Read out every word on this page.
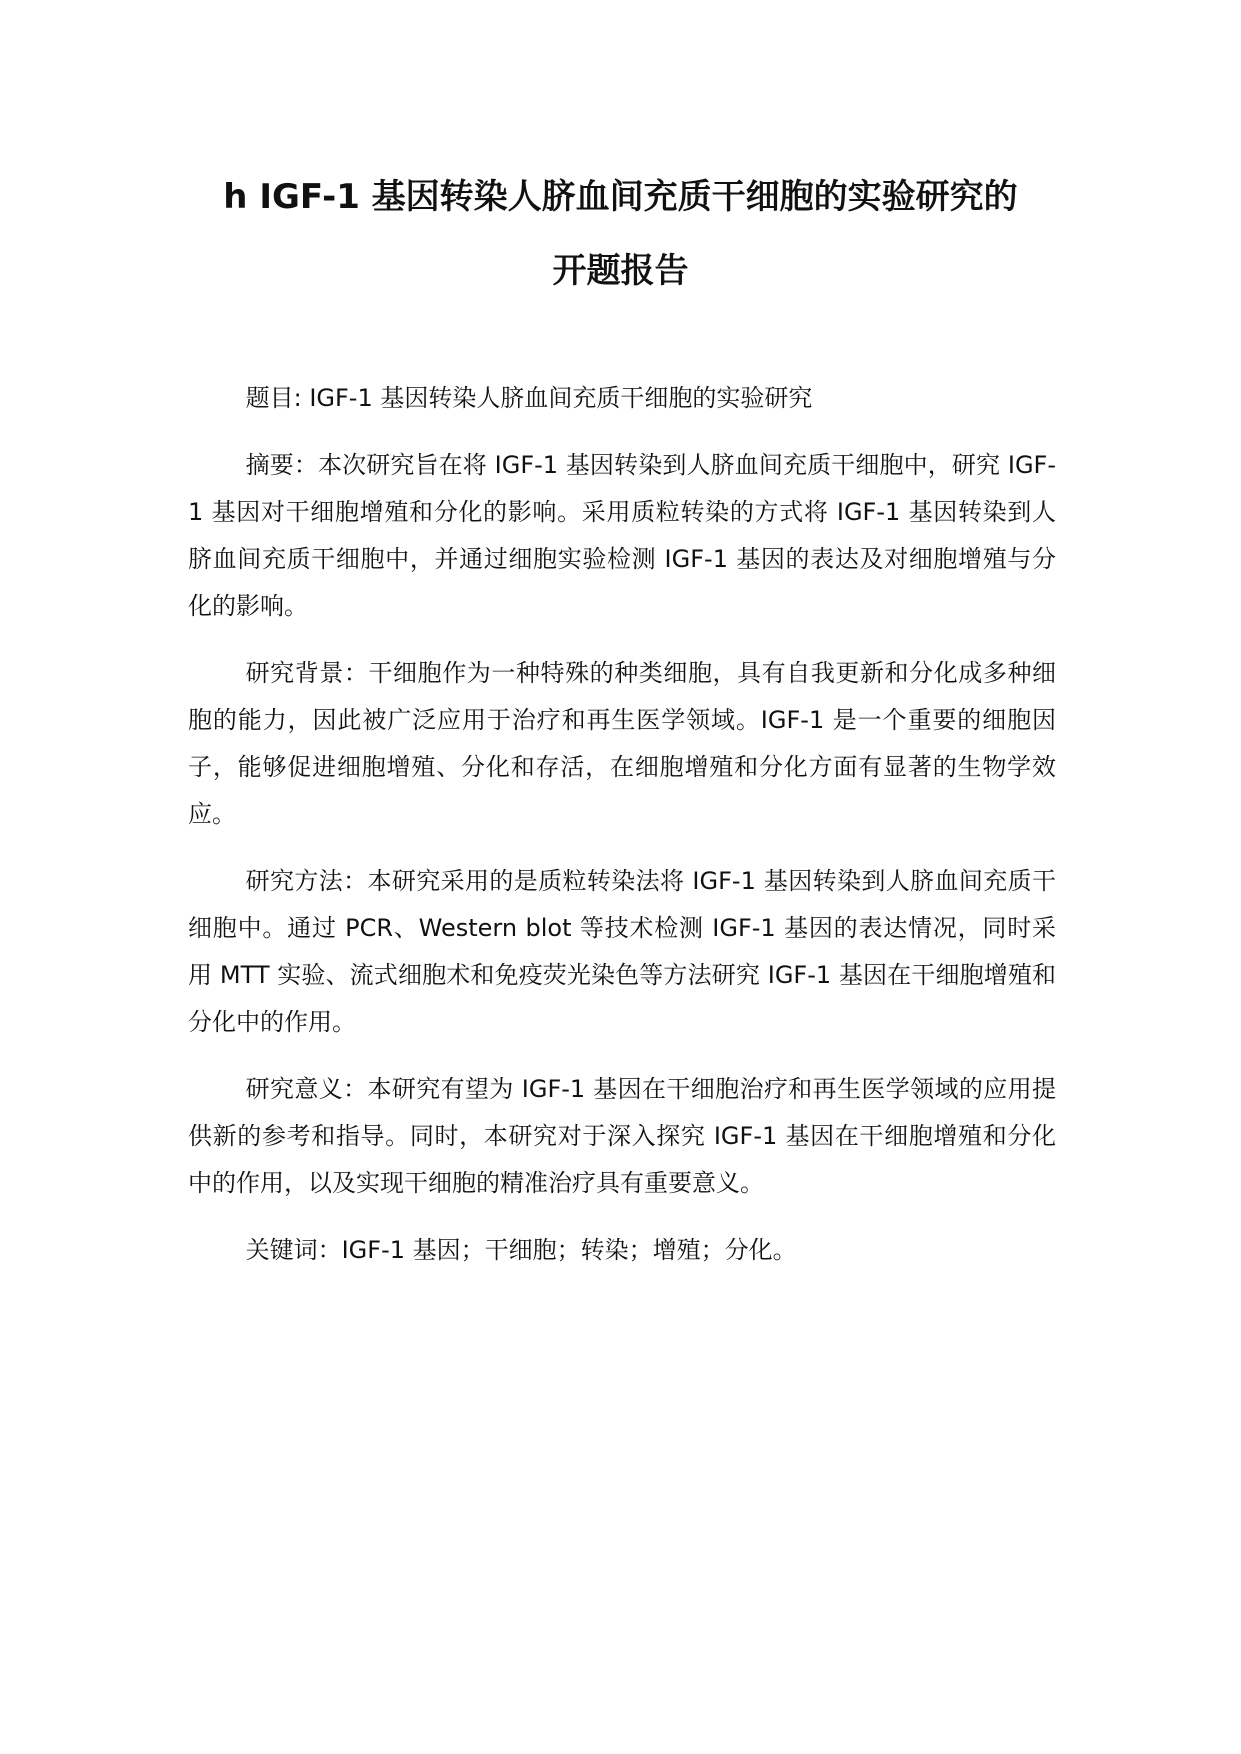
h IGF-1 基因转染人脐血间充质干细胞的实验研究的

开题报告

题目: IGF-1 基因转染人脐血间充质干细胞的实验研究

摘要：本次研究旨在将 IGF-1 基因转染到人脐血间充质干细胞中，研究 IGF-1 基因对干细胞增殖和分化的影响。采用质粒转染的方式将 IGF-1 基因转染到人脐血间充质干细胞中，并通过细胞实验检测 IGF-1 基因的表达及对细胞增殖与分化的影响。

研究背景：干细胞作为一种特殊的种类细胞，具有自我更新和分化成多种细胞的能力，因此被广泛应用于治疗和再生医学领域。IGF-1 是一个重要的细胞因子，能够促进细胞增殖、分化和存活，在细胞增殖和分化方面有显著的生物学效应。

研究方法：本研究采用的是质粒转染法将 IGF-1 基因转染到人脐血间充质干细胞中。通过 PCR、Western blot 等技术检测 IGF-1 基因的表达情况，同时采用 MTT 实验、流式细胞术和免疫荧光染色等方法研究 IGF-1 基因在干细胞增殖和分化中的作用。

研究意义：本研究有望为 IGF-1 基因在干细胞治疗和再生医学领域的应用提供新的参考和指导。同时，本研究对于深入探究 IGF-1 基因在干细胞增殖和分化中的作用，以及实现干细胞的精准治疗具有重要意义。

关键词：IGF-1 基因；干细胞；转染；增殖；分化。
